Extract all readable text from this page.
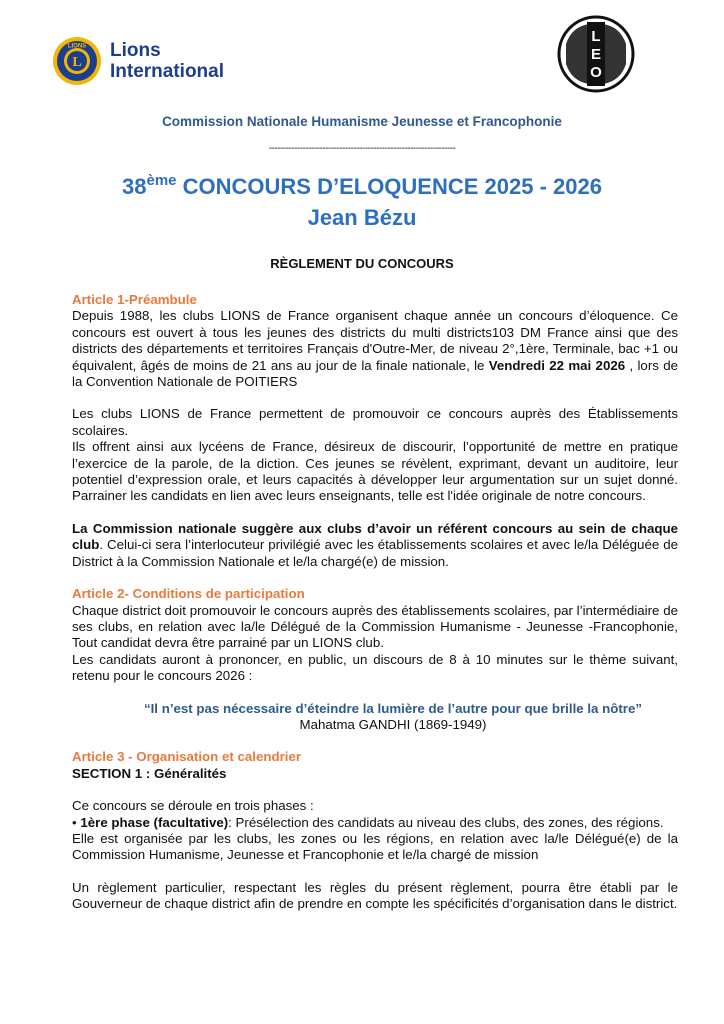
L
LIONS Lions
International
L
E
O
Commission Nationale Humanisme Jeunesse et Francophonie
------------------------------------------------------------------
38ème CONCOURS D’ELOQUENCE 2025 - 2026
Jean Bézu
RÈGLEMENT DU CONCOURS
Article 1-Préambule
Depuis 1988, les clubs LIONS de France organisent chaque année un concours d’éloquence. Ce concours est ouvert à tous les jeunes des districts du multi districts103 DM France ainsi que des districts des départements et territoires Français d'Outre-Mer, de niveau 2°,1ère, Terminale, bac +1 ou équivalent, âgés de moins de 21 ans au jour de la finale nationale, le Vendredi 22 mai 2026 , lors de la Convention Nationale de POITIERS
Les clubs LIONS de France permettent de promouvoir ce concours auprès des Établissements scolaires.
Ils offrent ainsi aux lycéens de France, désireux de discourir, l’opportunité de mettre en pratique l’exercice de la parole, de la diction. Ces jeunes se révèlent, exprimant, devant un auditoire, leur potentiel d’expression orale, et leurs capacités à développer leur argumentation sur un sujet donné. Parrainer les candidats en lien avec leurs enseignants, telle est l'idée originale de notre concours.
La Commission nationale suggère aux clubs d’avoir un référent concours au sein de chaque club. Celui-ci sera l’interlocuteur privilégié avec les établissements scolaires et avec le/la Déléguée de District à la Commission Nationale et le/la chargé(e) de mission.
Article 2- Conditions de participation
Chaque district doit promouvoir le concours auprès des établissements scolaires, par l’intermédiaire de ses clubs, en relation avec la/le Délégué de la Commission Humanisme - Jeunesse -Francophonie, Tout candidat devra être parrainé par un LIONS club.
Les candidats auront à prononcer, en public, un discours de 8 à 10 minutes sur le thème suivant, retenu pour le concours 2026 :
“Il n’est pas nécessaire d’éteindre la lumière de l’autre pour que brille la nôtre”
Mahatma GANDHI (1869-1949)
Article 3 - Organisation et calendrier
SECTION 1 : Généralités
Ce concours se déroule en trois phases :
• 1ère phase (facultative): Présélection des candidats au niveau des clubs, des zones, des régions.
Elle est organisée par les clubs, les zones ou les régions, en relation avec la/le Délégué(e) de la Commission Humanisme, Jeunesse et Francophonie et le/la chargé de mission
Un règlement particulier, respectant les règles du présent règlement, pourra être établi par le Gouverneur de chaque district afin de prendre en compte les spécificités d’organisation dans le district.
